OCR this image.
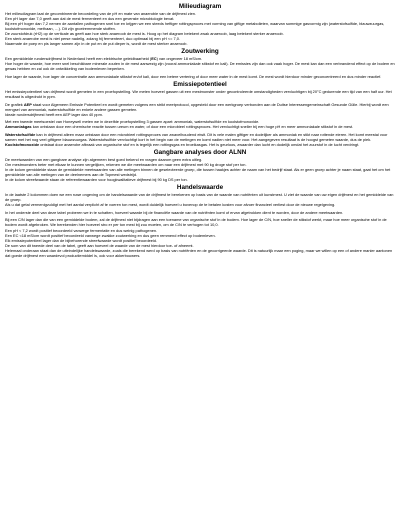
Milieudiagram

Het milieudiagram laat de gecombineerde beoordeling van de pH en mate van anaerobie van de drijfmest zien.

Een pH lager dan 7,0 geeft aan dat de mest fermenteert en dus een gevenste microbiologie bevat.

Bij een pH hoger dan 7,2 nemen de aantallen pathogenen snel toe en krijgen we een steeds heftiger rottingsproces met vorming van giftige metabolieten, waarvan sommige gasvormig zijn (waterstofsulfide, blauwzuurgas, koolstofmonoxide, methaan, …). Dit zijn groeiremmende stoffen.

De zuurstofdruk (rH2) op de verticale as geeft aan hoe sterk anaeroob de mest is. Hoog op het diagram betekent zwak anaeroob, laag betekent sterker anaeroob.

Een sterk anaerobe mest is niet perse nadelig, zolang hij fermenteert, duo optimaal bij een pH <= 7,0.

Naarmate de poep en pis langer samen zijn in de put en de put dieper is, wordt de mest sterker anaeroob.

Zoutwerking

Een gemiddelde rundersdrijfmest in Nederland heeft een elektrische geleidbaarheid (EC) van ongeveer 18 mS/cm.

Hoe hoger de waarde, hoe meer snel beschikbare minerale zouten in de mest aanwezig zijn (vooral ammoniakale stikstof en kali). De emissies zijn dan ook vaak hoger. De mest kan dan een verbrandend effect op de bodem en gewas hebben en zal ook de ontwikkeling van bodemleven beperken.

Hoe lager de waarde, hoe lager de concentratie aan ammoniakale stikstof en/of kali, door een betere vertering of door meer water in de mest komt. De mest wordt hierdoor minder geconcentreerd en dus minder reactief.

Emissiepotentieel

Het emissiepotentieel van drijfmest wordt gemeten in een proefopstelling. We meten hoeveel gassen uit een mestmonster onder gecontroleerde omstandigheden vervluchtigen bij 20°C gedurende een tijd van een half uur. Het resultaat is uitgedrukt in ppm.

De grafiek AEP staat voor Algemeen Emissie Potentieel en wordt gemeten volgens een strikt meetprotocol, opgesteld door een werkgroep verbonden aan de Duitse Interessengemeinschaft Gesunde Gülle. Hierbij wordt een mengsel van ammoniak, waterstofsulfide en enkele andere gassen gemeten.

Ideale rundersdrijfmest heeft een AEP lager dan 40 ppm.

Met een tweede meetsoestel van Honeywell meten we in dezelfde proefopstelling 3 gassen apart: ammoniak, waterstofsulfide en koolstofmonoxide.

Ammoniakgas kan ontstaan door een chemische reactie tussen ureum en water, of door een microbieel rottingsproces. Het vervluchtigt sneller bij een hoge pH en meer ammoniakale stikstof in de mest.

Waterstofsulfide kan in drijfmest alleen maar ontstaan door een microbieel rottingsproces van zwavelhoudend eiwit. Dit is vele malen giftiger en dodelijker als ammoniak en stikt naar rottende eieren. Het komt meestal voor samen met het nog veel giftigere blauwzuurgas. Waterstofsulfide vervluchtigt kort in het begin van de metingen en komt nadien niet meer voor. Het aangegeven resultaat is de hoogst gemeten waarde, dus de piek.

Koolstofmonoxide ontstaat door anaerobe afbraak van organische stof en is tegelijk een rottingsgas en broeikasgas. Het is geurloos, zwaarder dan lucht en dodelijk omdat het zuurstof in de lucht verdringt.

Gangbare analyses door ALNN

De meetwaarden van een gangbare analyse zijn algemeen best goed bekend en vragen daarom geen extra uitleg.

Om mestmonsters beter met elkaar te kunnen vergelijken, rekenen we die meetwaarden om naar een drijfmest met 90 kg droge stof per ton.

In de kolom gemiddelde staan de gemiddelde meetwaarden van alle metingen binnen de geselecteerde groep, die tussen haakjes achter de naam van het bedrijf staat. Als er geen groep achter je naam staat, gaat het om het gemiddelde van alle metingen van de deelnemers aan de Topmest wedstrijd.

In de kolom streefwaarde staan de referentiewaarden voor hoogkwalitatieve drijfmest bij 90 kg DS per ton.

Handelswaarde

In de laatste 2 kolommen doen we een ruwe ongeving om de handelswaarde van de drijfmest te berekenen op basis van de waarde van nutriënten uit kunstmest. U ziet de waarde van uw eigen drijfmest en het gemiddelde van de groep.

Als u dat getal vermenigvuldigt met het aantal verplicht af te voeren ton mest, wordt duidelijk hoeveel u bovenop de te betalen kosten voor afvoer financieel verliest door de nieuwe regelgeving.

In het onderste deel van deze tabel proberen we in te schatten, hoeveel waarde bij de financiële waarde van de nutriënten komt of ervan afgetrokken dient te worden, door de andere meetwaarden.

Bij een C/N lager dan die van een gemiddelde bodem, zal de drijfmest niet bijdragen aan een toename van organische stof in de bodem. Hoe lager de C/N, hoe sneller de stikstof werkt, maar hoe meer organische stof in de bodem wordt afgebroken. We berekenden hier hoeveel stro er per ton mest bij zou moeten, om de C/N te verhogen tot 10,0.

Een pH < 7,2 wordt positief beoordeeld vanwege fermentatie en dus weinig pathogenen.

Een EC <18 mS/cm wordt positief beoordeeld vanwege zwakke zoutwerking en dus geen remmend effect op bodemleven.

Elk emissiepotentieel lager dan de bijbehorende streefwaarde wordt positief beoordeeld.

De som van dit tweede deel van de tabel, geeft aan hoeveel de waarde van de mest hierdoor toe- of afneemt.

Helemaal onderaan staat dan de uiteindelijke handelswaarde, zoals die berekend werd op basis van nutriënten en de gecorrigeerde waarde. Dit is natuurlijk maar een poging, maar we willen op een of andere manier aantonen dat goede drijfmest een waardevol productiemiddel is, ook voor akkerbouwers.
